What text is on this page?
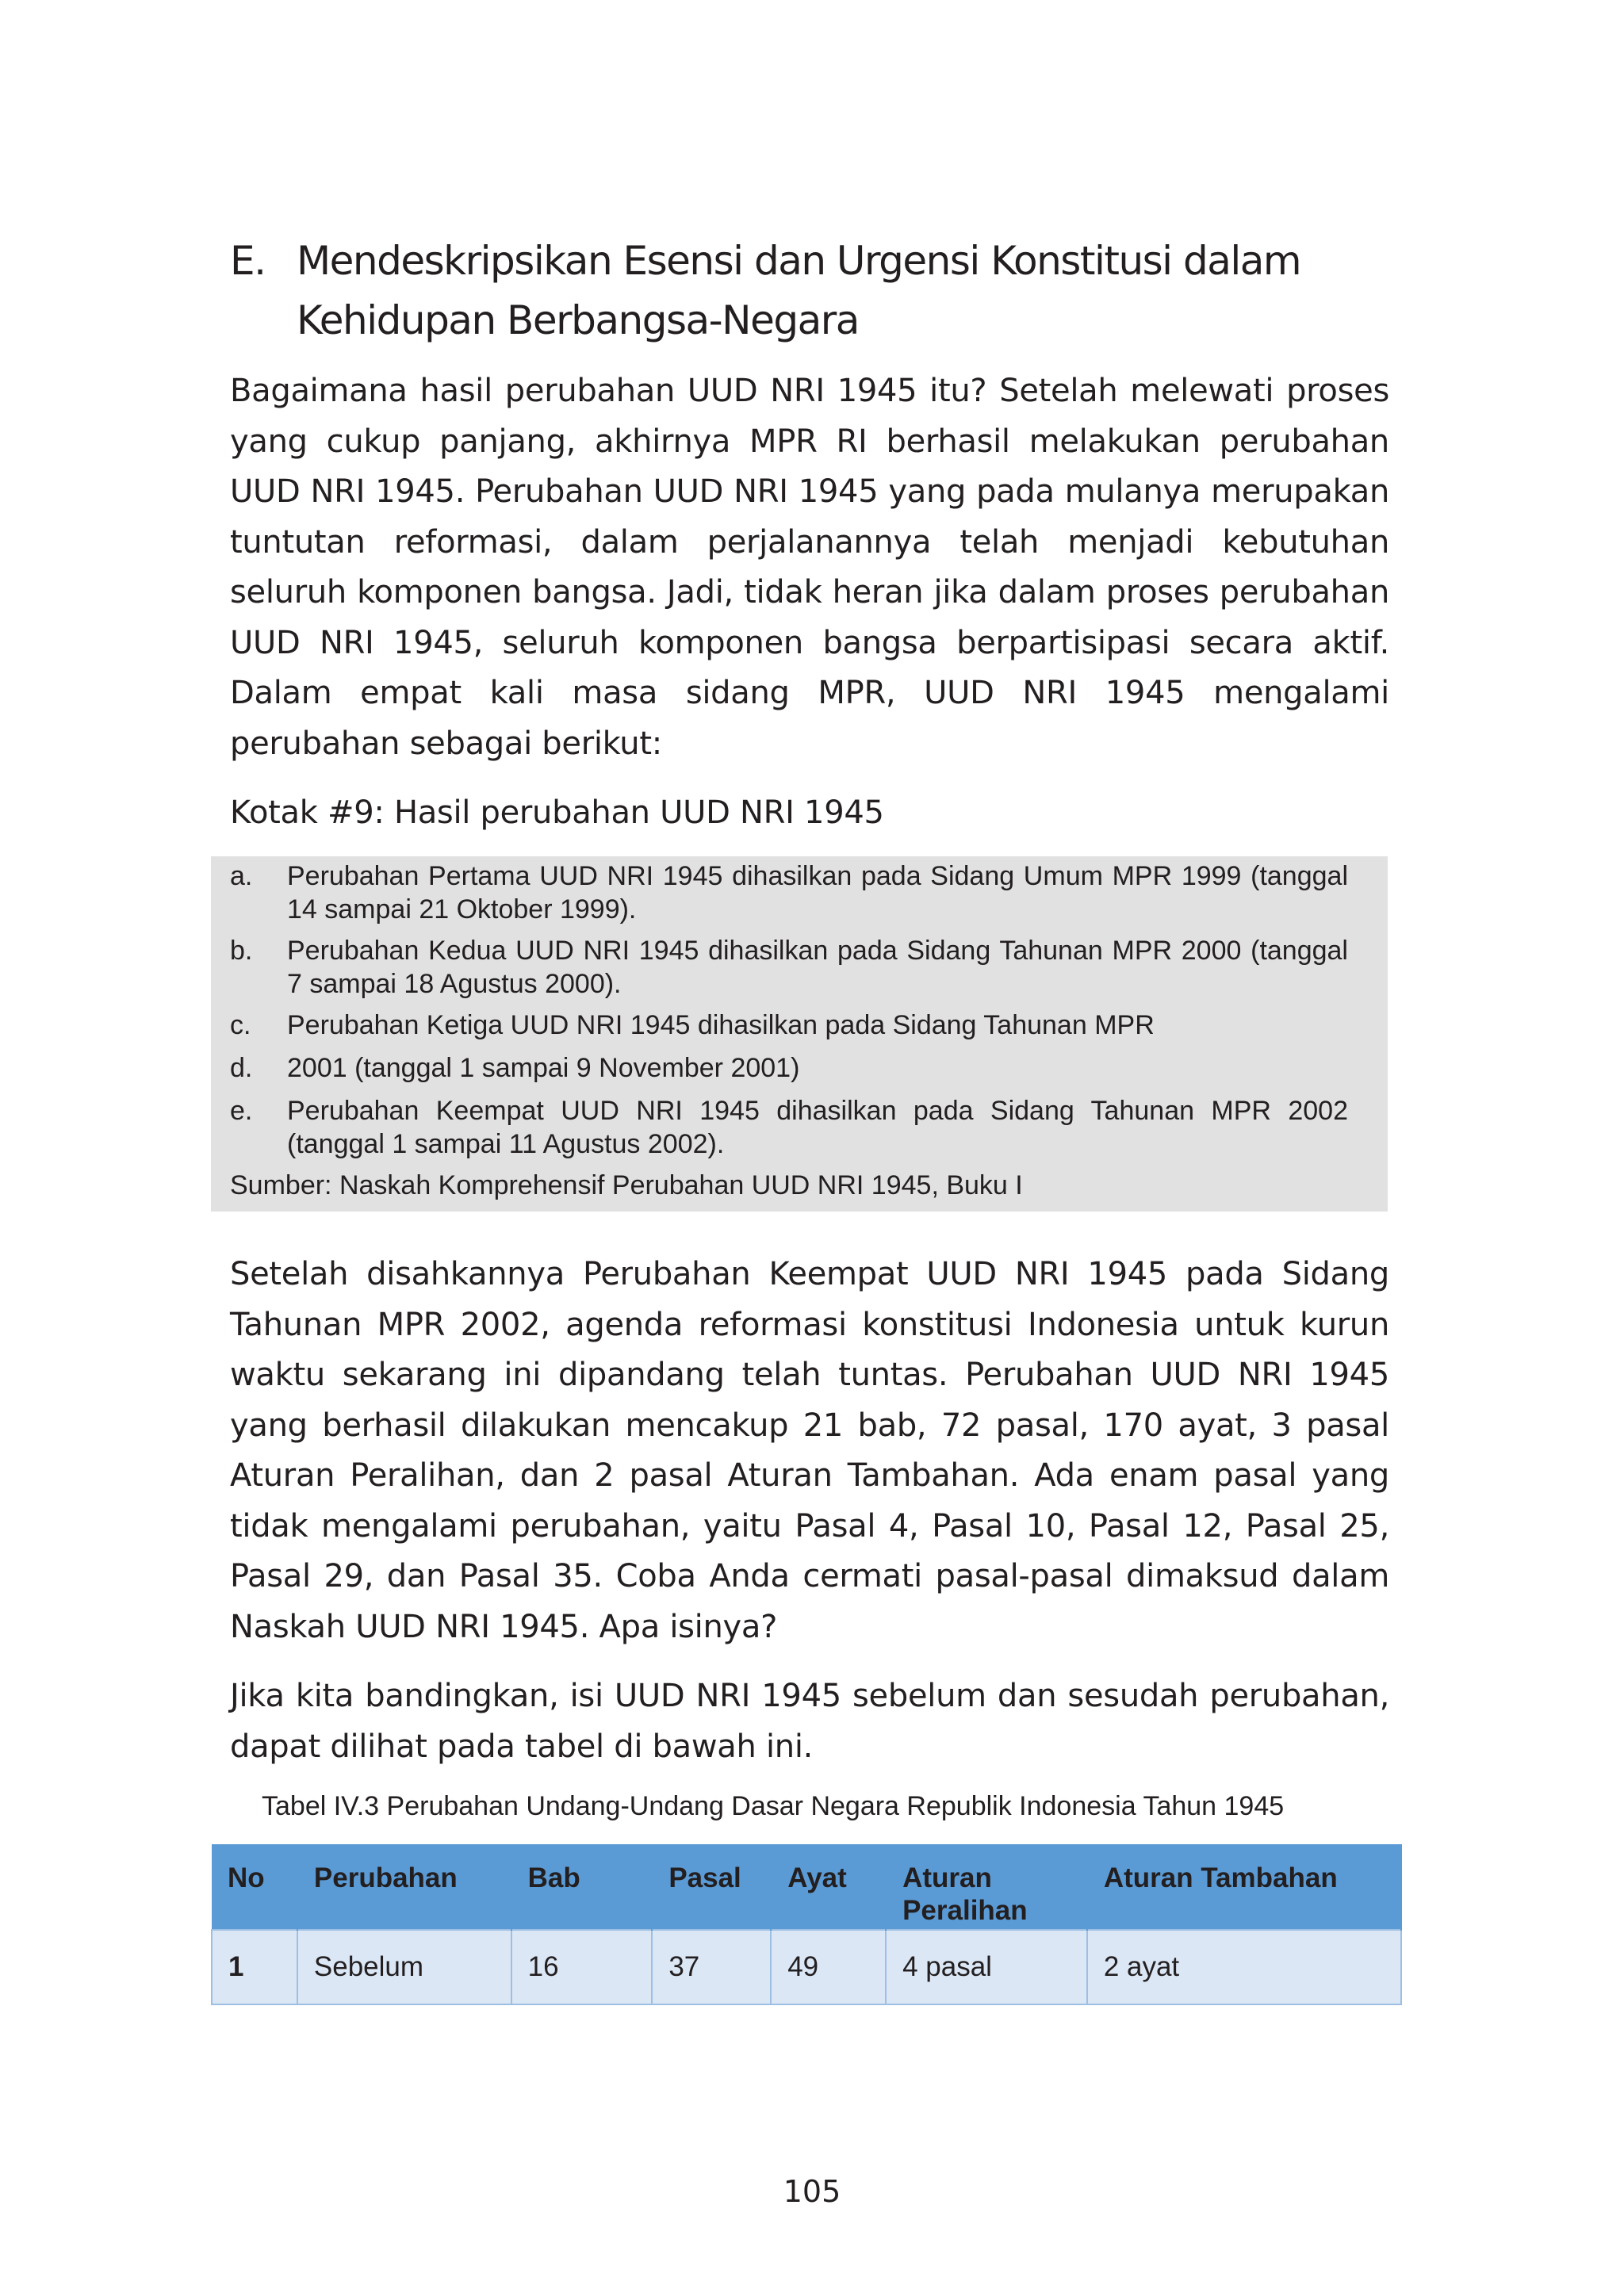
E. Mendeskripsikan Esensi dan Urgensi Konstitusi dalam Kehidupan Berbangsa-Negara
Bagaimana hasil perubahan UUD NRI 1945 itu? Setelah melewati proses yang cukup panjang, akhirnya MPR RI berhasil melakukan perubahan UUD NRI 1945. Perubahan UUD NRI 1945 yang pada mulanya merupakan tuntutan reformasi, dalam perjalanannya telah menjadi kebutuhan seluruh komponen bangsa. Jadi, tidak heran jika dalam proses perubahan UUD NRI 1945, seluruh komponen bangsa berpartisipasi secara aktif. Dalam empat kali masa sidang MPR, UUD NRI 1945 mengalami perubahan sebagai berikut:
Kotak #9: Hasil perubahan UUD NRI 1945
a. Perubahan Pertama UUD NRI 1945 dihasilkan pada Sidang Umum MPR 1999 (tanggal 14 sampai 21 Oktober 1999).
b. Perubahan Kedua UUD NRI 1945 dihasilkan pada Sidang Tahunan MPR 2000 (tanggal 7 sampai 18 Agustus 2000).
c. Perubahan Ketiga UUD NRI 1945 dihasilkan pada Sidang Tahunan MPR
d. 2001 (tanggal 1 sampai 9 November 2001)
e. Perubahan Keempat UUD NRI 1945 dihasilkan pada Sidang Tahunan MPR 2002 (tanggal 1 sampai 11 Agustus 2002).
Sumber: Naskah Komprehensif Perubahan UUD NRI 1945, Buku I
Setelah disahkannya Perubahan Keempat UUD NRI 1945 pada Sidang Tahunan MPR 2002, agenda reformasi konstitusi Indonesia untuk kurun waktu sekarang ini dipandang telah tuntas. Perubahan UUD NRI 1945 yang berhasil dilakukan mencakup 21 bab, 72 pasal, 170 ayat, 3 pasal Aturan Peralihan, dan 2 pasal Aturan Tambahan. Ada enam pasal yang tidak mengalami perubahan, yaitu Pasal 4, Pasal 10, Pasal 12, Pasal 25, Pasal 29, dan Pasal 35. Coba Anda cermati pasal-pasal dimaksud dalam Naskah UUD NRI 1945. Apa isinya?
Jika kita bandingkan, isi UUD NRI 1945 sebelum dan sesudah perubahan, dapat dilihat pada tabel di bawah ini.
Tabel IV.3 Perubahan Undang-Undang Dasar Negara Republik Indonesia Tahun 1945
No	Perubahan	Bab	Pasal	Ayat	Aturan Peralihan	Aturan Tambahan
1	Sebelum	16	37	49	4 pasal	2 ayat
105
